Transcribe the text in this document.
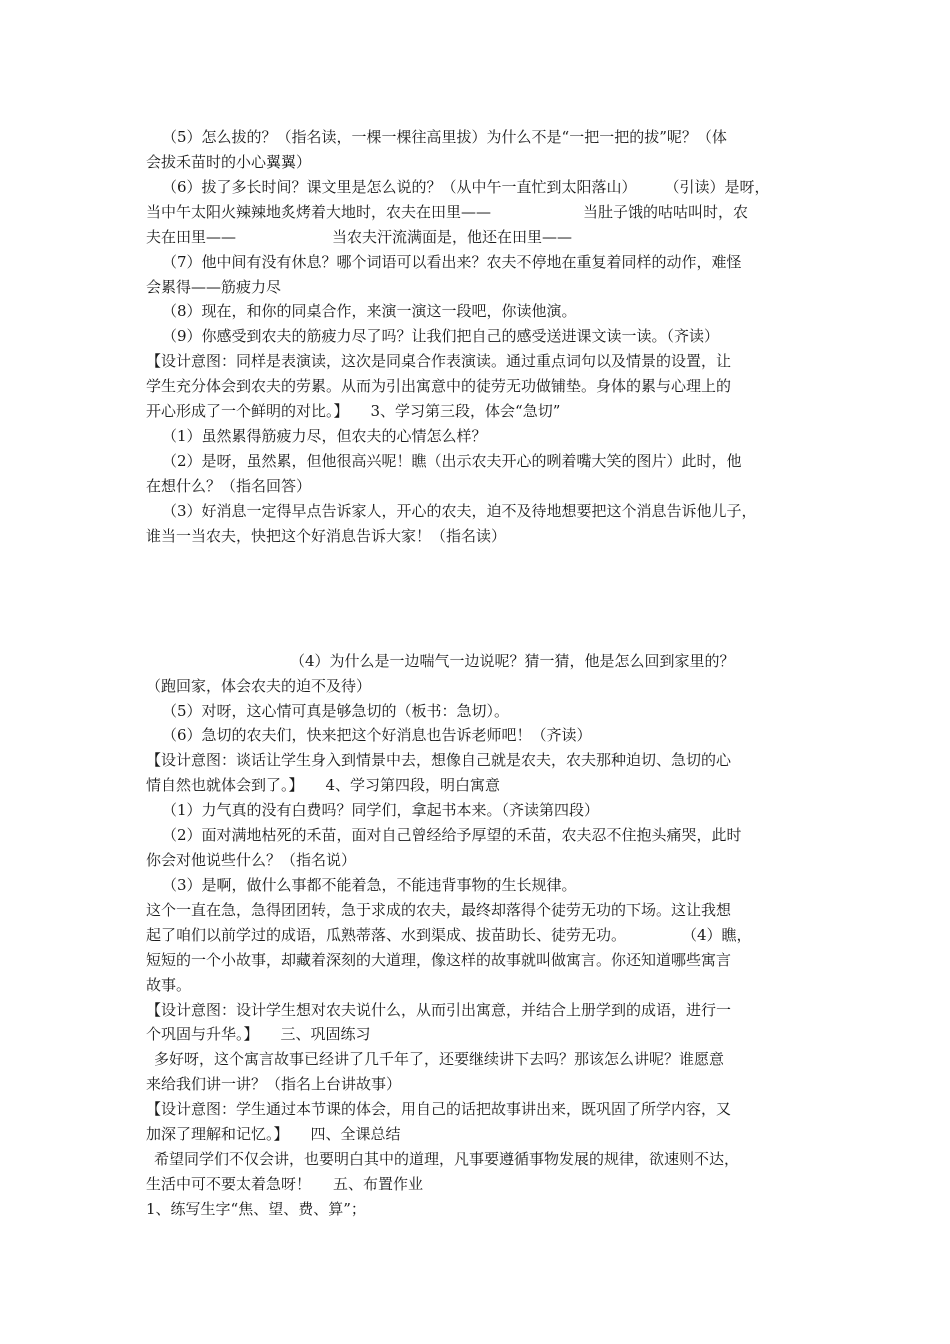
（5）怎么拔的？（指名读，一棵一棵往高里拔）为什么不是“一把一把的拔”呢？（体
会拔禾苗时的小心翼翼）
（6）拔了多长时间？课文里是怎么说的？（从中午一直忙到太阳落山） （引读）是呀，
当中午太阳火辣辣地炙烤着大地时，农夫在田里——	当肚子饿的咕咕叫时，农
夫在田里——	当农夫汗流满面是，他还在田里——
（7）他中间有没有休息？哪个词语可以看出来？农夫不停地在重复着同样的动作，难怪
会累得——筋疲力尽
（8）现在，和你的同桌合作，来演一演这一段吧，你读他演。
（9）你感受到农夫的筋疲力尽了吗？让我们把自己的感受送进课文读一读。（齐读）
【设计意图：同样是表演读，这次是同桌合作表演读。通过重点词句以及情景的设置，让
学生充分体会到农夫的劳累。从而为引出寓意中的徒劳无功做铺垫。身体的累与心理上的
开心形成了一个鲜明的对比。】 3、学习第三段，体会“急切”
（1）虽然累得筋疲力尽，但农夫的心情怎么样？
（2）是呀，虽然累，但他很高兴呢！瞧（出示农夫开心的咧着嘴大笑的图片）此时，他
在想什么？（指名回答）
（3）好消息一定得早点告诉家人，开心的农夫，迫不及待地想要把这个消息告诉他儿子，
谁当一当农夫，快把这个好消息告诉大家！（指名读）
（4）为什么是一边喘气一边说呢？猜一猜，他是怎么回到家里的？
（跑回家，体会农夫的迫不及待）
（5）对呀，这心情可真是够急切的（板书：急切）。
（6）急切的农夫们，快来把这个好消息也告诉老师吧！（齐读）
【设计意图：谈话让学生身入到情景中去，想像自己就是农夫，农夫那种迫切、急切的心
情自然也就体会到了。】 4、学习第四段，明白寓意
（1）力气真的没有白费吗？同学们，拿起书本来。（齐读第四段）
（2）面对满地枯死的禾苗，面对自己曾经给予厚望的禾苗，农夫忍不住抱头痛哭，此时
你会对他说些什么？（指名说）
（3）是啊，做什么事都不能着急，不能违背事物的生长规律。
这个一直在急，急得团团转，急于求成的农夫，最终却落得个徒劳无功的下场。这让我想
起了咱们以前学过的成语，瓜熟蒂落、水到渠成、拔苗助长、徒劳无功。	（4）瞧，
短短的一个小故事，却藏着深刻的大道理，像这样的故事就叫做寓言。你还知道哪些寓言
故事。
【设计意图：设计学生想对农夫说什么，从而引出寓意，并结合上册学到的成语，进行一
个巩固与升华。】 三、巩固练习
多好呀，这个寓言故事已经讲了几千年了，还要继续讲下去吗？那该怎么讲呢？谁愿意
来给我们讲一讲？（指名上台讲故事）
【设计意图：学生通过本节课的体会，用自己的话把故事讲出来，既巩固了所学内容，又
加深了理解和记忆。】 四、全课总结
希望同学们不仅会讲，也要明白其中的道理，凡事要遵循事物发展的规律，欲速则不达，
生活中可不要太着急呀！ 五、布置作业
1、练写生字“焦、望、费、算”；
